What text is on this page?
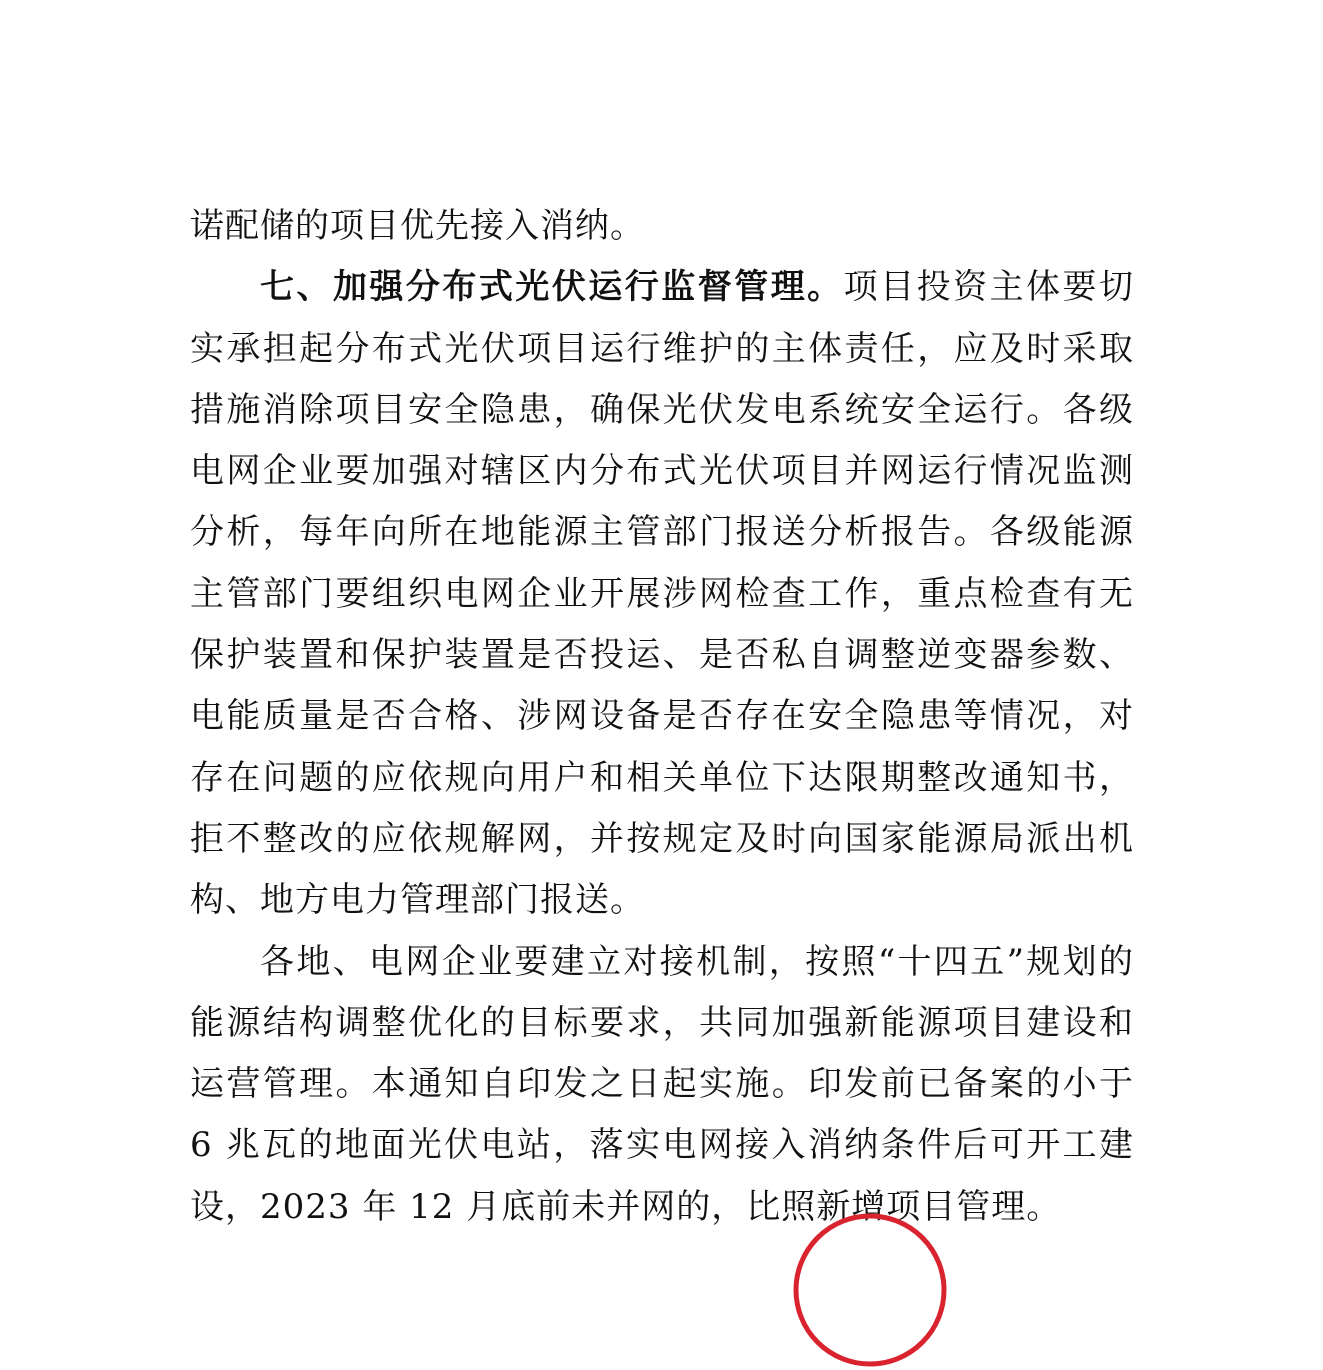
诺配储的项目优先接入消纳。

七、加强分布式光伏运行监督管理。项目投资主体要切实承担起分布式光伏项目运行维护的主体责任，应及时采取措施消除项目安全隐患，确保光伏发电系统安全运行。各级电网企业要加强对辖区内分布式光伏项目并网运行情况监测分析，每年向所在地能源主管部门报送分析报告。各级能源主管部门要组织电网企业开展涉网检查工作，重点检查有无保护装置和保护装置是否投运、是否私自调整逆变器参数、电能质量是否合格、涉网设备是否存在安全隐患等情况，对存在问题的应依规向用户和相关单位下达限期整改通知书，拒不整改的应依规解网，并按规定及时向国家能源局派出机构、地方电力管理部门报送。

各地、电网企业要建立对接机制，按照“十四五”规划的能源结构调整优化的目标要求，共同加强新能源项目建设和运营管理。本通知自印发之日起实施。印发前已备案的小于 6 兆瓦的地面光伏电站，落实电网接入消纳条件后可开工建设，2023 年 12 月底前未并网的，比照新增项目管理。
